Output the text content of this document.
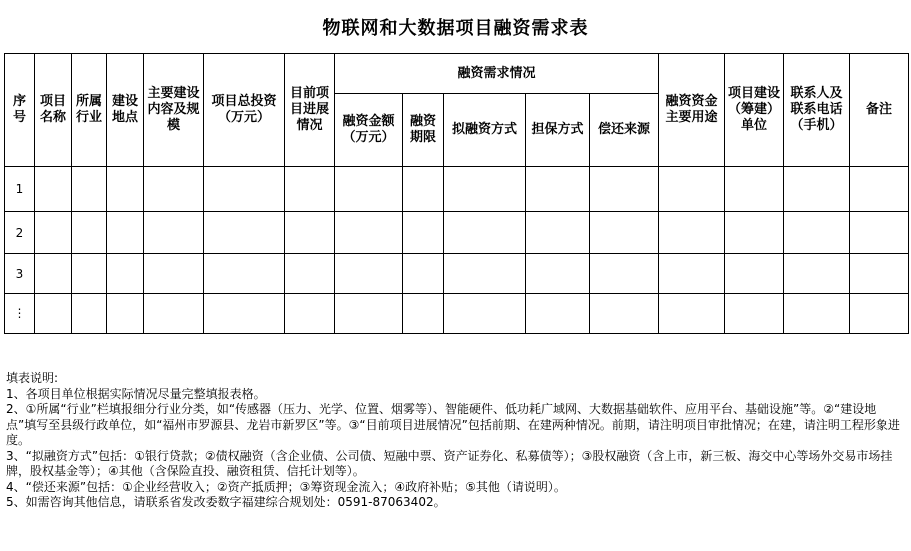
物联网和大数据项目融资需求表
序号	项目名称	所属行业	建设地点	主要建设内容及规模	项目总投资（万元）	目前项目进展情况	融资需求情况					融资资金主要用途	项目建设（筹建）单位	联系人及联系电话（手机）	备注

							融资金额（万元）	融资期限	拟融资方式	担保方式	偿还来源				
1															
2															
3															
⋮															
填表说明:
1、各项目单位根据实际情况尽量完整填报表格。
2、①所属“行业”栏填报细分行业分类，如“传感器（压力、光学、位置、烟雾等）、智能硬件、低功耗广域网、大数据基础软件、应用平台、基础设施”等。②“建设地点”填写至县级行政单位，如“福州市罗源县、龙岩市新罗区”等。③“目前项目进展情况”包括前期、在建两种情况。前期，请注明项目审批情况；在建，请注明工程形象进度。
3、“拟融资方式”包括：①银行贷款；②债权融资（含企业债、公司债、短融中票、资产证券化、私募债等）；③股权融资（含上市，新三板、海交中心等场外交易市场挂牌，股权基金等）；④其他（含保险直投、融资租赁、信托计划等）。
4、“偿还来源”包括：①企业经营收入；②资产抵质押；③筹资现金流入；④政府补贴；⑤其他（请说明）。
5、如需咨询其他信息，请联系省发改委数字福建综合规划处：0591-87063402。
